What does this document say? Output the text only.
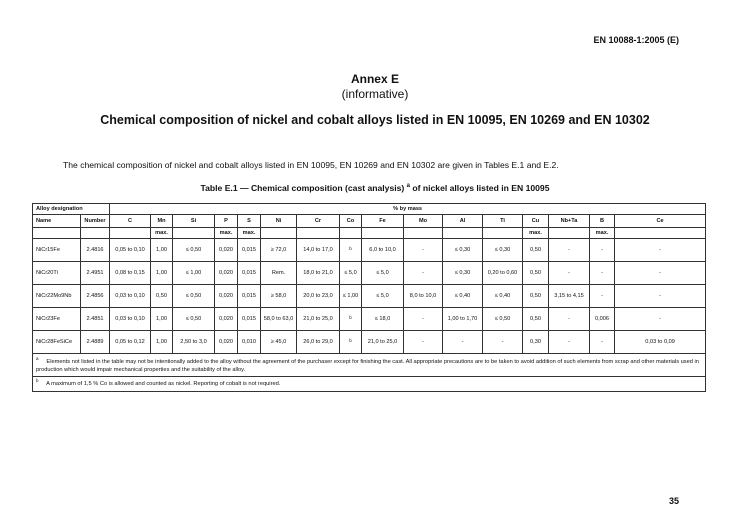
EN 10088-1:2005 (E)
Annex E
(informative)
Chemical composition of nickel and cobalt alloys listed in EN 10095, EN 10269 and EN 10302
The chemical composition of nickel and cobalt alloys listed in EN 10095, EN 10269 and EN 10302 are given in Tables E.1 and E.2.
Table E.1 — Chemical composition (cast analysis) $^a$ of nickel alloys listed in EN 10095
Alloy designation		% by mass															
Name	Number	C	Mn	Si	P	S	Ni	Cr	Co	Fe	Mo	Al	Ti	Cu	Nb+Ta	B	Ce
			max.		max.	max.								max.		max.	
NiCr15Fe	2.4816	0,05 to 0,10	1,00	≤ 0,50	0,020	0,015	≥ 72,0	14,0 to 17,0	$^b$	6,0 to 10,0	-	≤ 0,30	≤ 0,30	0,50	-	-	-
NiCr20Ti	2.4951	0,08 to 0,15	1,00	≤ 1,00	0,020	0,015	Rem.	18,0 to 21,0	≤ 5,0	≤ 5,0	-	≤ 0,30	0,20 to 0,60	0,50	-	-	-
NiCr22Mo9Nb	2.4856	0,03 to 0,10	0,50	≤ 0,50	0,020	0,015	≥ 58,0	20,0 to 23,0	≤ 1,00	≤ 5,0	8,0 to 10,0	≤ 0,40	≤ 0,40	0,50	3,15 to 4,15	-	-
NiCr23Fe	2.4851	0,03 to 0,10	1,00	≤ 0,50	0,020	0,015	58,0 to 63,0	21,0 to 25,0	$^b$	≤ 18,0	-	1,00 to 1,70	≤ 0,50	0,50	-	0,006	-
NiCr28FeSiCe	2.4889	0,05 to 0,12	1,00	2,50 to 3,0	0,020	0,010	≥ 45,0	26,0 to 29,0	$^b$	21,0 to 25,0	-	-	-	0,30	-	-	0,03 to 0,09
$^a$     Elements not listed in the table may not be intentionally added to the alloy without the agreement of the purchaser except for finishing the cast. All appropriate precautions are to be taken to avoid addition of such elements from scrap and other materials used in production which would impair mechanical properties and the suitability of the alloy.																	
$^b$     A maximum of 1,5 % Co is allowed and counted as nickel. Reporting of cobalt is not required.																	
35
